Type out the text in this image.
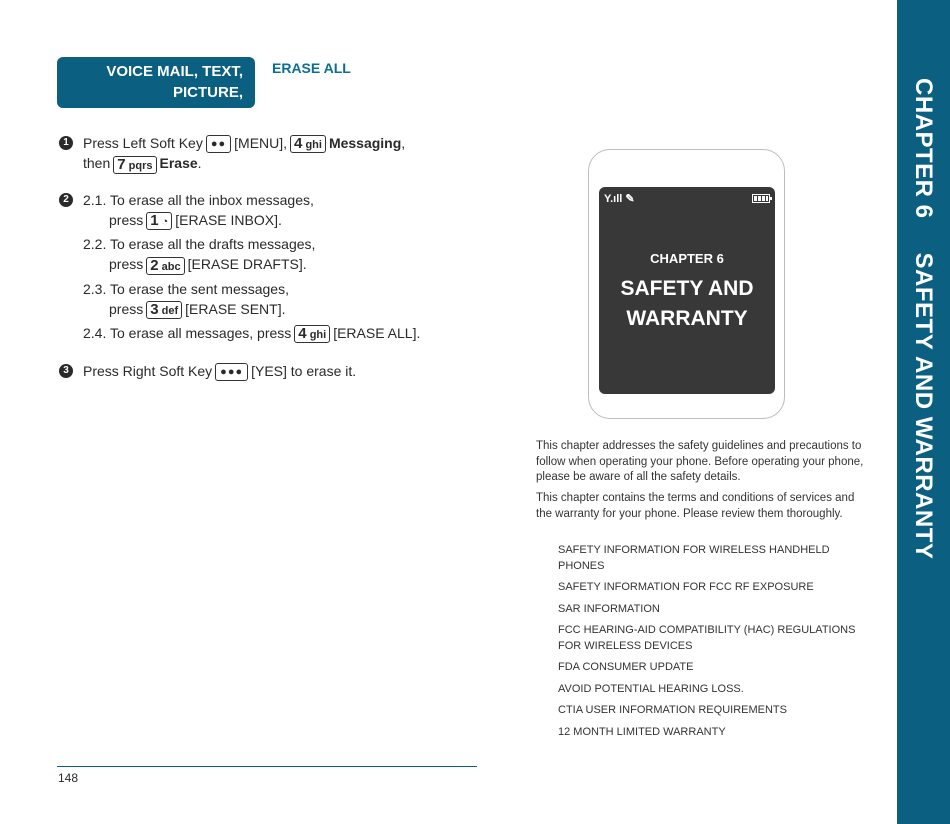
VOICE MAIL, TEXT, PICTURE,
VIDEO MESSAGING
ERASE ALL
1	Press Left Soft Key ●● [MENU], 4 ghi Messaging,
then 7 pqrs Erase.
2	2.1. To erase all the inbox messages,
press 1 ◔ [ERASE INBOX].
2.2. To erase all the drafts messages,
press 2 abc [ERASE DRAFTS].
2.3. To erase the sent messages,
press 3 def [ERASE SENT].
2.4. To erase all messages, press 4 ghi [ERASE ALL].
3	Press Right Soft Key ●●● [YES] to erase it.
148
Y.ıll ✎
CHAPTER 6
SAFETY AND
WARRANTY
This chapter addresses the safety guidelines and precautions to follow when operating your phone. Before operating your phone, please be aware of all the safety details.
This chapter contains the terms and conditions of services and the warranty for your phone. Please review them thoroughly.
SAFETY INFORMATION FOR WIRELESS HANDHELD PHONES
SAFETY INFORMATION FOR FCC RF EXPOSURE
SAR INFORMATION
FCC HEARING-AID COMPATIBILITY (HAC) REGULATIONS FOR WIRELESS DEVICES
FDA CONSUMER UPDATE
AVOID POTENTIAL HEARING LOSS.
CTIA USER INFORMATION REQUIREMENTS
12 MONTH LIMITED WARRANTY
CHAPTER 6SAFETY AND WARRANTY
